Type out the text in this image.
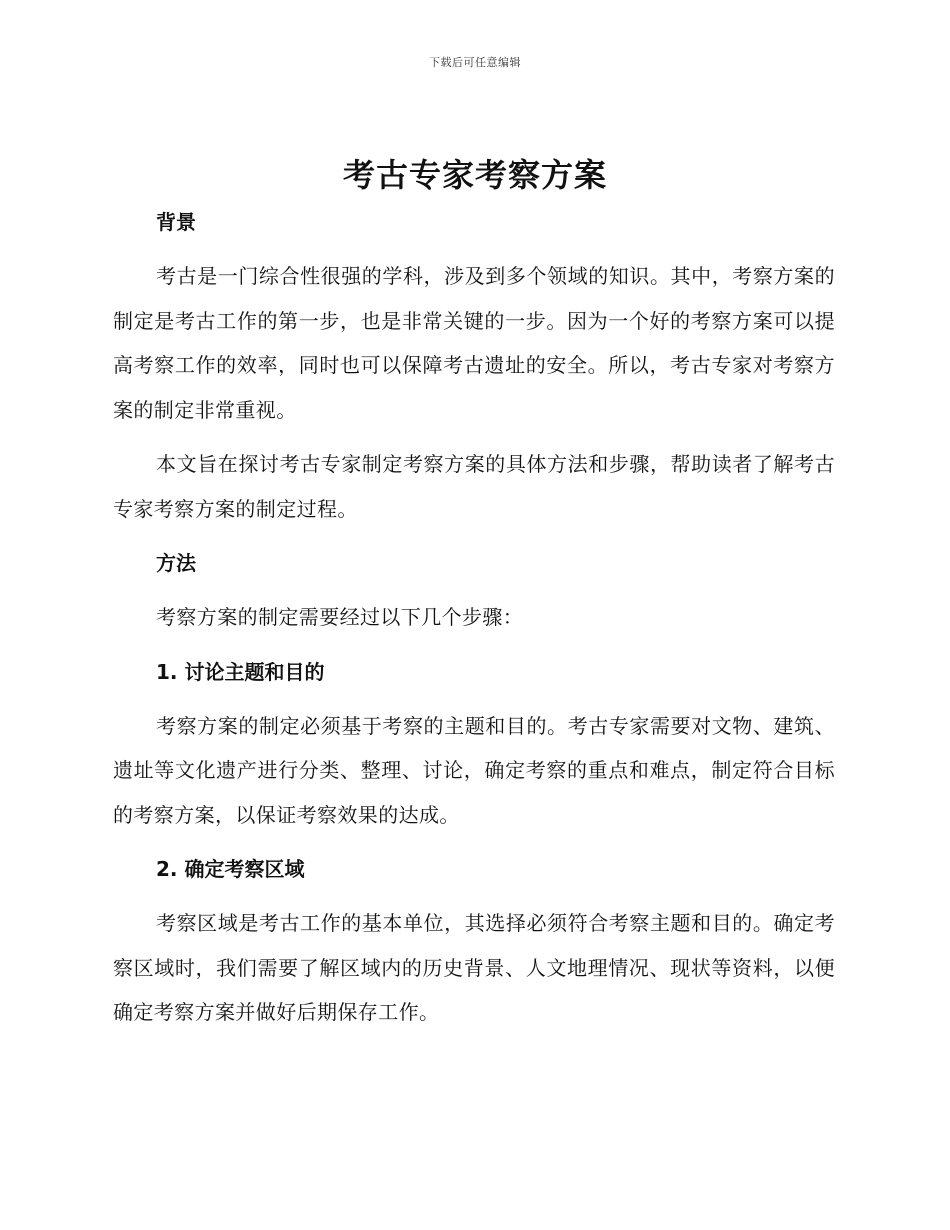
下载后可任意编辑
考古专家考察方案

背景

考古是一门综合性很强的学科，涉及到多个领域的知识。其中，考察方案的制定是考古工作的第一步，也是非常关键的一步。因为一个好的考察方案可以提高考察工作的效率，同时也可以保障考古遗址的安全。所以，考古专家对考察方案的制定非常重视。

本文旨在探讨考古专家制定考察方案的具体方法和步骤，帮助读者了解考古专家考察方案的制定过程。

方法

考察方案的制定需要经过以下几个步骤：

1. 讨论主题和目的

考察方案的制定必须基于考察的主题和目的。考古专家需要对文物、建筑、遗址等文化遗产进行分类、整理、讨论，确定考察的重点和难点，制定符合目标的考察方案，以保证考察效果的达成。

2. 确定考察区域

考察区域是考古工作的基本单位，其选择必须符合考察主题和目的。确定考察区域时，我们需要了解区域内的历史背景、人文地理情况、现状等资料，以便确定考察方案并做好后期保存工作。
